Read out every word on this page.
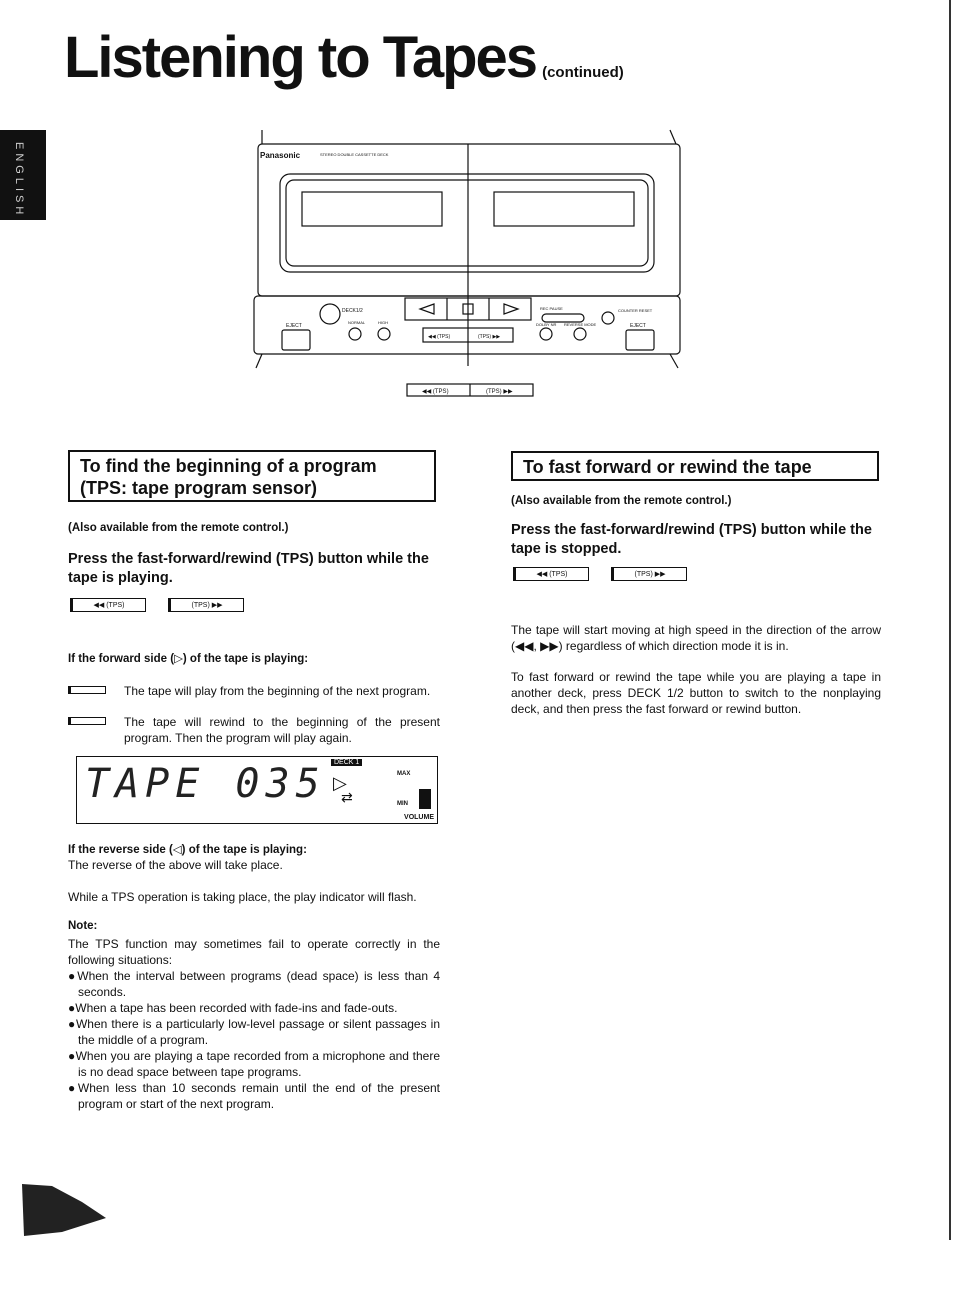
Listening to Tapes (continued)
ENGLISH	Panasonic	STEREO DOUBLE CASSETTE DECK
DECK1/2
EJECT	EJECT
NORMAL	HIGH
REC PAUSE	COUNTER RESET
DOLBY NR REVERSE MODE
◀◀ (TPS)	(TPS) ▶▶
◀◀ (TPS)	(TPS) ▶▶
To find the beginning of a program
(TPS: tape program sensor)
(Also available from the remote control.)
Press the fast-forward/rewind (TPS) button while the tape is playing.
◀◀ (TPS)	(TPS) ▶▶
If the forward side (▷) of the tape is playing:
The tape will play from the beginning of the next program.
The tape will rewind to the beginning of the present program. Then the program will play again.
TAPE 035	DECK 1
▷
⇄
MAX
MIN
VOLUME
If the reverse side (◁) of the tape is playing:
The reverse of the above will take place.
While a TPS operation is taking place, the play indicator will flash.
Note:
The TPS function may sometimes fail to operate correctly in the following situations:
●When the interval between programs (dead space) is less than 4 seconds.
●When a tape has been recorded with fade-ins and fade-outs.
●When there is a particularly low-level passage or silent passages in the middle of a program.
●When you are playing a tape recorded from a microphone and there is no dead space between tape programs.
●When less than 10 seconds remain until the end of the present program or start of the next program.
To fast forward or rewind the tape
(Also available from the remote control.)
Press the fast-forward/rewind (TPS) button while the tape is stopped.
◀◀ (TPS)	(TPS) ▶▶
The tape will start moving at high speed in the direction of the arrow (◀◀, ▶▶) regardless of which direction mode it is in.
To fast forward or rewind the tape while you are playing a tape in another deck, press DECK 1/2 button to switch to the nonplaying deck, and then press the fast forward or rewind button.
